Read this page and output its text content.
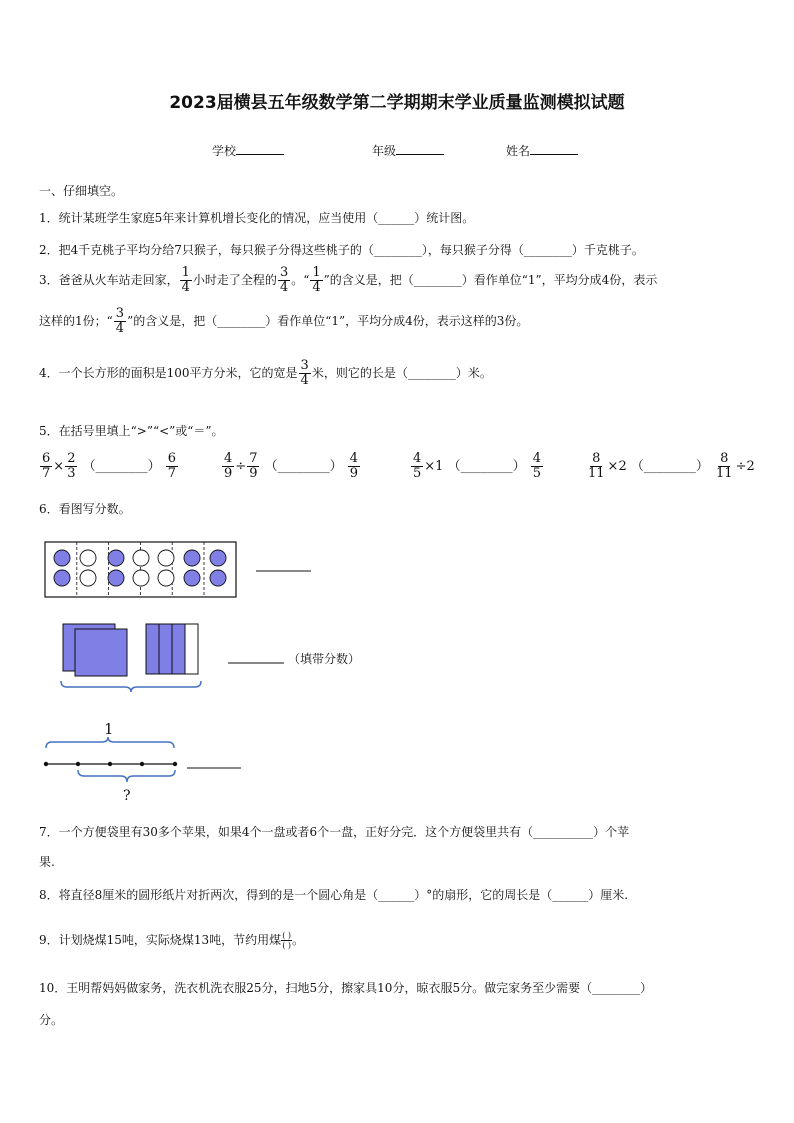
2023届横县五年级数学第二学期期末学业质量监测模拟试题
学校	年级	姓名
一、仔细填空。
1．统计某班学生家庭5年来计算机增长变化的情况，应当使用（______）统计图。
2．把4千克桃子平均分给7只猴子，每只猴子分得这些桃子的（________），每只猴子分得（________）千克桃子。
3．爸爸从火车站走回家， $\frac{1}{4}$ 小时走了全程的 $\frac{3}{4}$ 。“ $\frac{1}{4}$ ”的含义是，把（________）看作单位“1”，平均分成4份，表示
这样的1份；“ $\frac{3}{4}$ ”的含义是，把（________）看作单位“1”，平均分成4份，表示这样的3份。
4．一个长方形的面积是100平方分米，它的宽是 $\frac{3}{4}$ 米，则它的长是（________）米。
5．在括号里填上“>”“<”或“＝”。
$\frac{6}{7} \times \frac{2}{3}$ （________） $\frac{6}{7}$	$\frac{4}{9} \div \frac{7}{9}$ （________） $\frac{4}{9}$	$\frac{4}{5} \times 1$ （________） $\frac{4}{5}$	$\frac{8}{11} \times 2$ （________） $\frac{8}{11} \div 2$
6．看图写分数。
（填带分数）
1
?
7．一个方便袋里有30多个苹果，如果4个一盘或者6个一盘，正好分完．这个方便袋里共有（__________）个苹
果.
8．将直径8厘米的圆形纸片对折两次，得到的是一个圆心角是（______）°的扇形，它的周长是（______）厘米.
9．计划烧煤15吨，实际烧煤13吨，节约用煤 ( )
( ) 。
10．王明帮妈妈做家务，洗衣机洗衣服25分，扫地5分，擦家具10分，晾衣服5分。做完家务至少需要（________）
分。
